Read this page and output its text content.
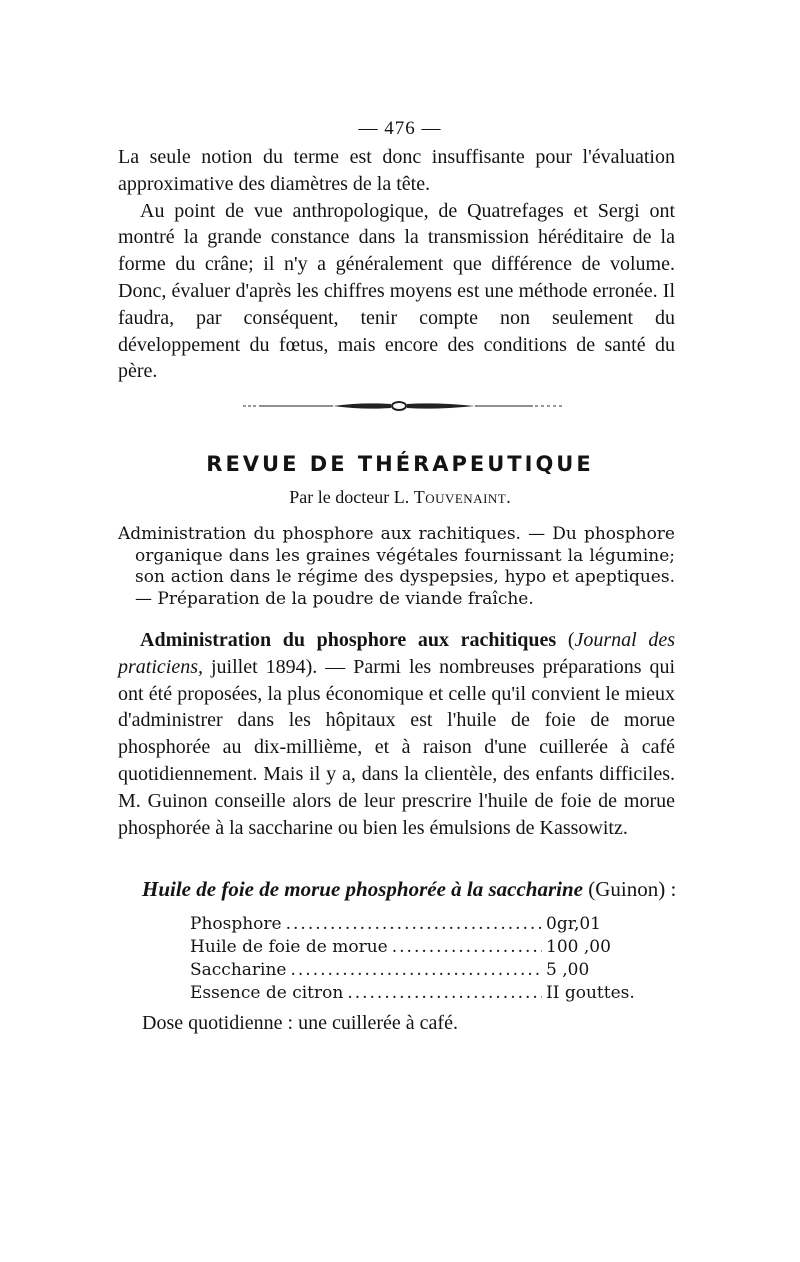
— 476 —

La seule notion du terme est donc insuffisante pour l'évaluation approximative des diamètres de la tête.

Au point de vue anthropologique, de Quatrefages et Sergi ont montré la grande constance dans la transmission héréditaire de la forme du crâne; il n'y a généralement que différence de volume. Donc, évaluer d'après les chiffres moyens est une méthode erronée. Il faudra, par conséquent, tenir compte non seulement du développement du fœtus, mais encore des conditions de santé du père.

REVUE DE THÉRAPEUTIQUE
Par le docteur L. Touvenaint.

Administration du phosphore aux rachitiques. — Du phosphore organique dans les graines végétales fournissant la légumine; son action dans le régime des dyspepsies, hypo et apeptiques. — Préparation de la poudre de viande fraîche.

Administration du phosphore aux rachitiques (Journal des praticiens, juillet 1894). — Parmi les nombreuses préparations qui ont été proposées, la plus économique et celle qu'il convient le mieux d'administrer dans les hôpitaux est l'huile de foie de morue phosphorée au dix-millième, et à raison d'une cuillerée à café quotidiennement. Mais il y a, dans la clientèle, des enfants difficiles. M. Guinon conseille alors de leur prescrire l'huile de foie de morue phosphorée à la saccharine ou bien les émulsions de Kassowitz.

Huile de foie de morue phosphorée à la saccharine (Guinon) :
Phosphore .....	0gr,01
Huile de foie de morue .....	100 ,00
Saccharine .....	5 ,00
Essence de citron .....	II gouttes.
Dose quotidienne : une cuillerée à café.
